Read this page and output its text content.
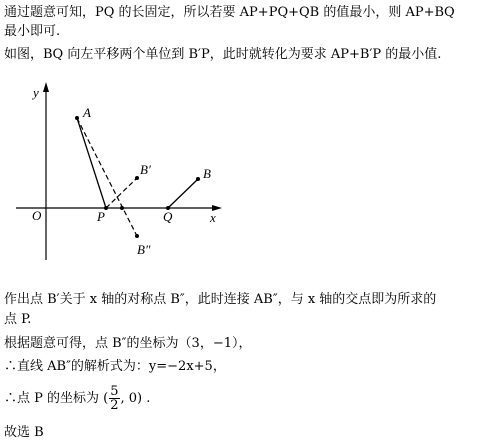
通过题意可知，PQ 的长固定，所以若要 AP+PQ+QB 的值最小，则 AP+BQ
最小即可.
如图，BQ 向左平移两个单位到 B′P，此时就转化为要求 AP+B′P 的最小值.
y
x
O
A
B
B′
B″
P	Q
作出点 B′关于 x 轴的对称点 B″，此时连接 AB″，与 x 轴的交点即为所求的
点 P.
根据题意可得，点 B″的坐标为（3，−1），
∴直线 AB″的解析式为：y=−2x+5，
∴点 P 的坐标为 ( $\frac{5}{2}$ , 0) .
故选 B
